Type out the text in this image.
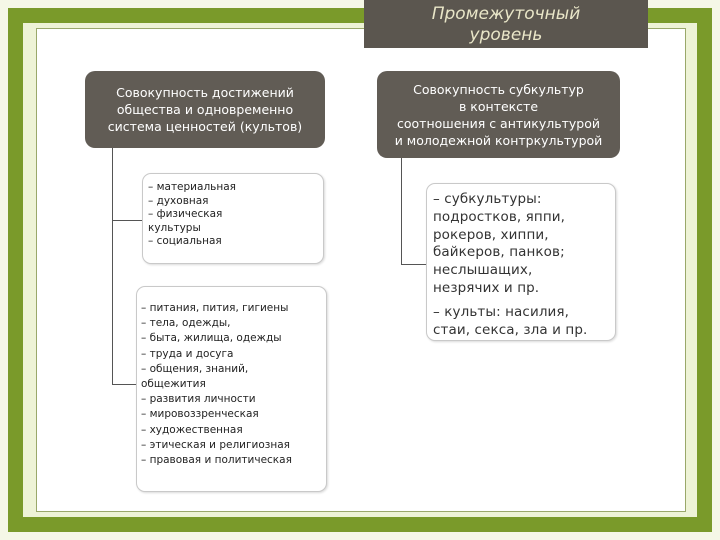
Промежуточный
уровень
Совокупность достижений
общества и одновременно
система ценностей (культов)
Совокупность субкультур
в контексте
соотношения с антикультурой
и молодежной контркультурой
– материальная
– духовная
– физическая
культуры
– социальная
– питания, пития, гигиены
– тела, одежды,
– быта, жилища, одежды
– труда и досуга
– общения, знаний,
общежития
– развития личности
– мировоззренческая
– художественная
– этическая и религиозная
– правовая и политическая
– субкультуры:
подростков, яппи,
рокеров, хиппи,
байкеров, панков;
неслышащих,
незрячих и пр.
– культы: насилия,
стаи, секса, зла и пр.
